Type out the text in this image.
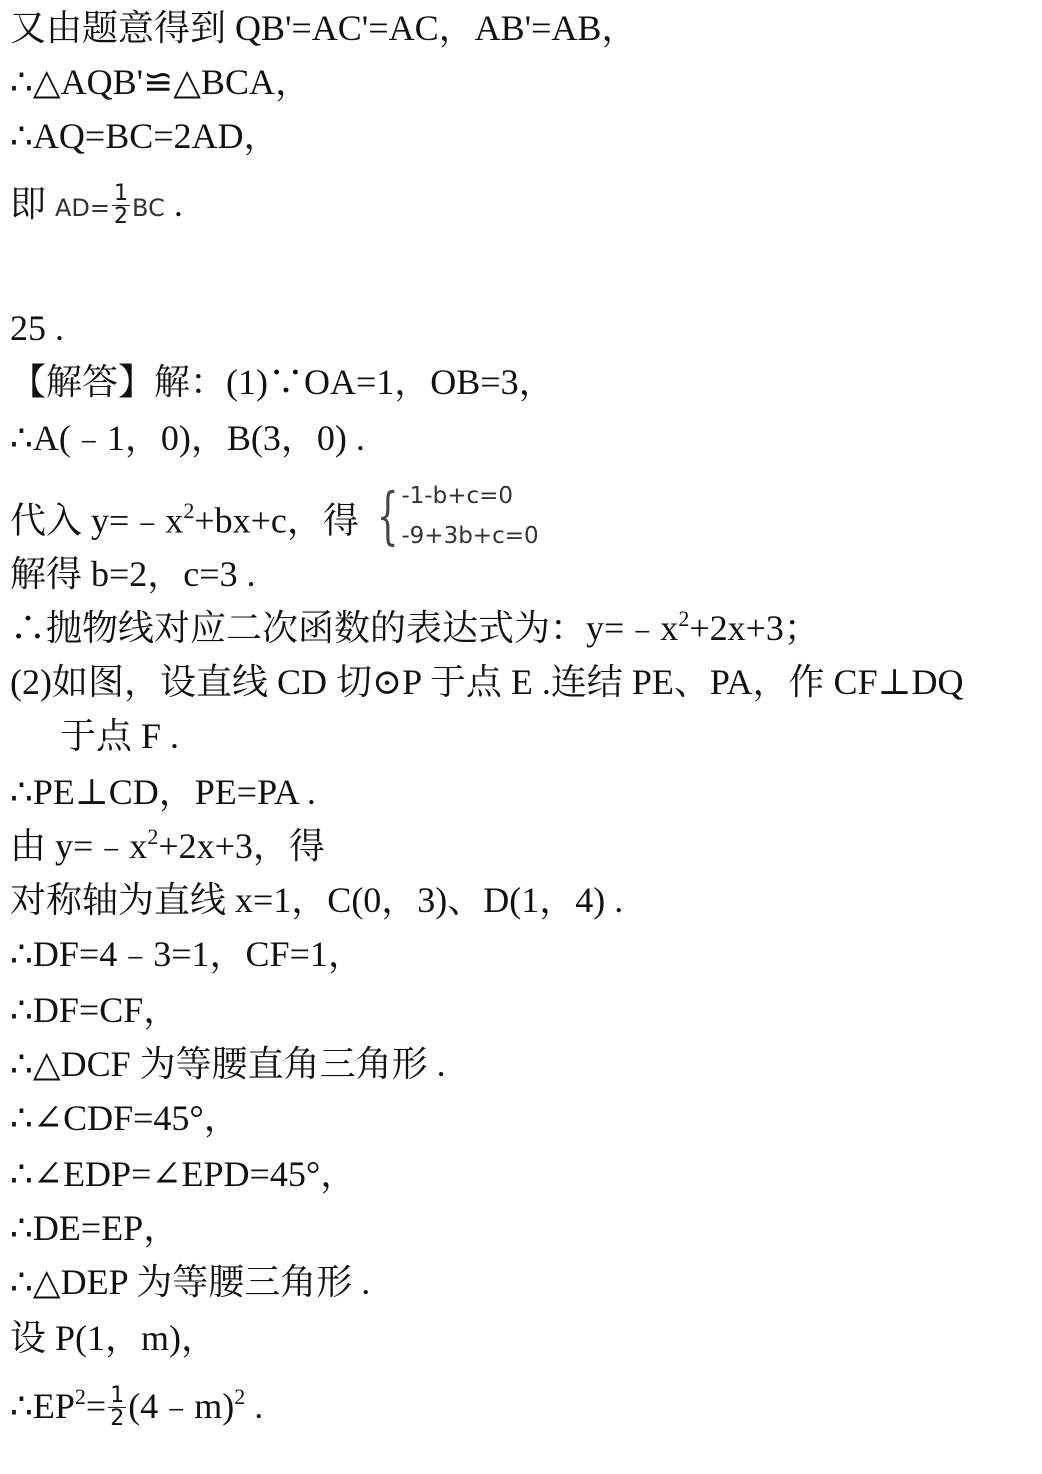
又由题意得到 QB'=AC'=AC，AB'=AB，
∴△AQB'≌△BCA，
∴AQ=BC=2AD，
即 $AD= \frac{1}{2}$ BC .
25 .
【解答】解：(1)∵OA=1，OB=3，
∴A(﹣1，0)，B(3，0) .
代入 $y=﹣x^2+bx+c$，得 { -1-b+c=0
-9+3b+c=0
解得 b=2，c=3 .
∴抛物线对应二次函数的表达式为：$y=﹣x^2+2x+3$；
(2)如图，设直线 CD 切⊙P 于点 E .连结 PE、PA，作 CF⊥DQ
于点 F .
∴PE⊥CD，PE=PA .
由 $y=﹣x^2+2x+3$，得
对称轴为直线 x=1，C(0，3)、D(1，4) .
∴DF=4﹣3=1，CF=1，
∴DF=CF，
∴△DCF 为等腰直角三角形 .
∴∠CDF=45°，
∴∠EDP=∠EPD=45°，
∴DE=EP，
∴△DEP 为等腰三角形 .
设 P(1，m)，
$\therefore EP^2= \frac{1}{2}$ (4﹣m)$^2$ .
